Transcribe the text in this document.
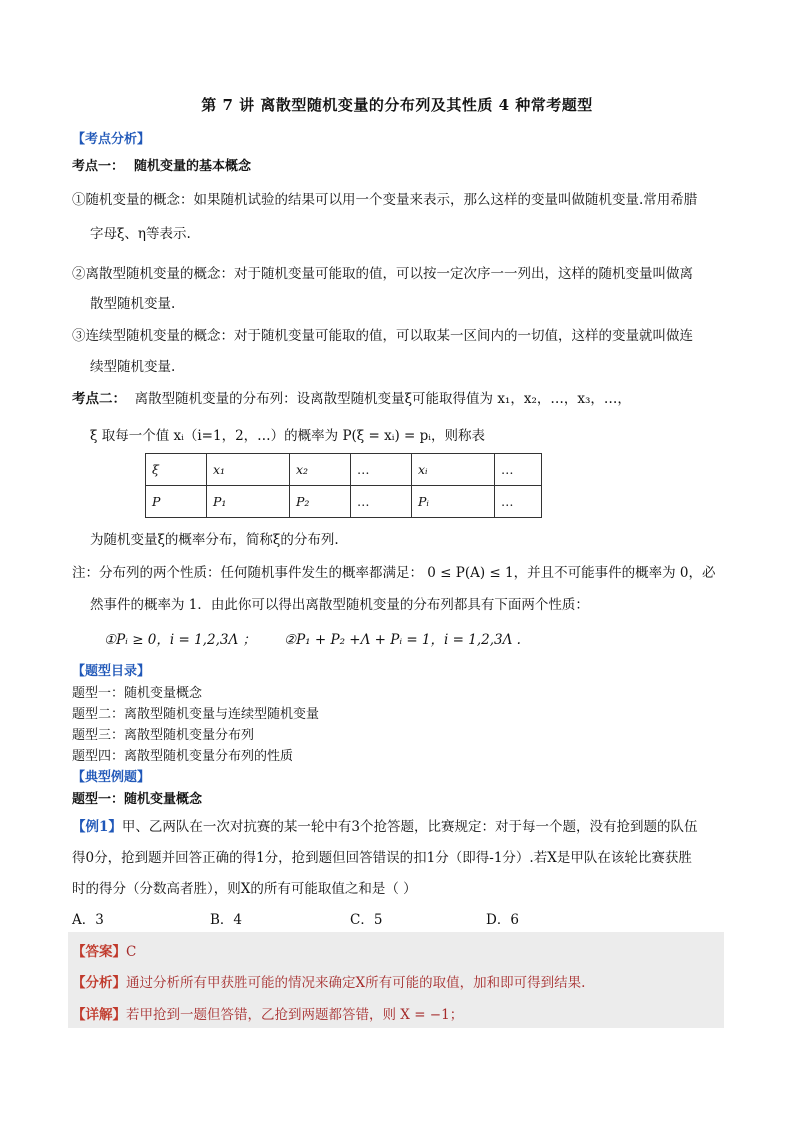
第 7 讲 离散型随机变量的分布列及其性质 4 种常考题型
【考点分析】
考点一： 随机变量的基本概念
①随机变量的概念：如果随机试验的结果可以用一个变量来表示，那么这样的变量叫做随机变量.常用希腊
字母ξ、η等表示.
②离散型随机变量的概念：对于随机变量可能取的值，可以按一定次序一一列出，这样的随机变量叫做离
散型随机变量.
③连续型随机变量的概念：对于随机变量可能取的值，可以取某一区间内的一切值，这样的变量就叫做连
续型随机变量.
考点二： 离散型随机变量的分布列：设离散型随机变量ξ可能取得值为 x₁，x₂，…，x₃，…，
ξ 取每一个值 xᵢ（i=1，2，…）的概率为 P(ξ = xᵢ) = pᵢ，则称表
ξ	x₁	x₂	…	xᵢ	…
P	P₁	P₂	…	Pᵢ	…
为随机变量ξ的概率分布，简称ξ的分布列.
注：分布列的两个性质：任何随机事件发生的概率都满足： 0 ≤ P(A) ≤ 1，并且不可能事件的概率为 0，必
然事件的概率为 1．由此你可以得出离散型随机变量的分布列都具有下面两个性质：
①Pᵢ ≥ 0，i = 1,2,3Λ ； ②P₁ + P₂ +Λ + Pᵢ = 1，i = 1,2,3Λ .
【题型目录】
题型一：随机变量概念
题型二：离散型随机变量与连续型随机变量
题型三：离散型随机变量分布列
题型四：离散型随机变量分布列的性质
【典型例题】
题型一：随机变量概念
【例1】甲、乙两队在一次对抗赛的某一轮中有3个抢答题，比赛规定：对于每一个题，没有抢到题的队伍
得0分，抢到题并回答正确的得1分，抢到题但回答错误的扣1分（即得-1分）.若X是甲队在该轮比赛获胜
时的得分（分数高者胜），则X的所有可能取值之和是（ ）
A．3	B．4	C．5	D．6
【答案】C
【分析】通过分析所有甲获胜可能的情况来确定X所有可能的取值，加和即可得到结果.
【详解】若甲抢到一题但答错，乙抢到两题都答错，则 X = −1；
